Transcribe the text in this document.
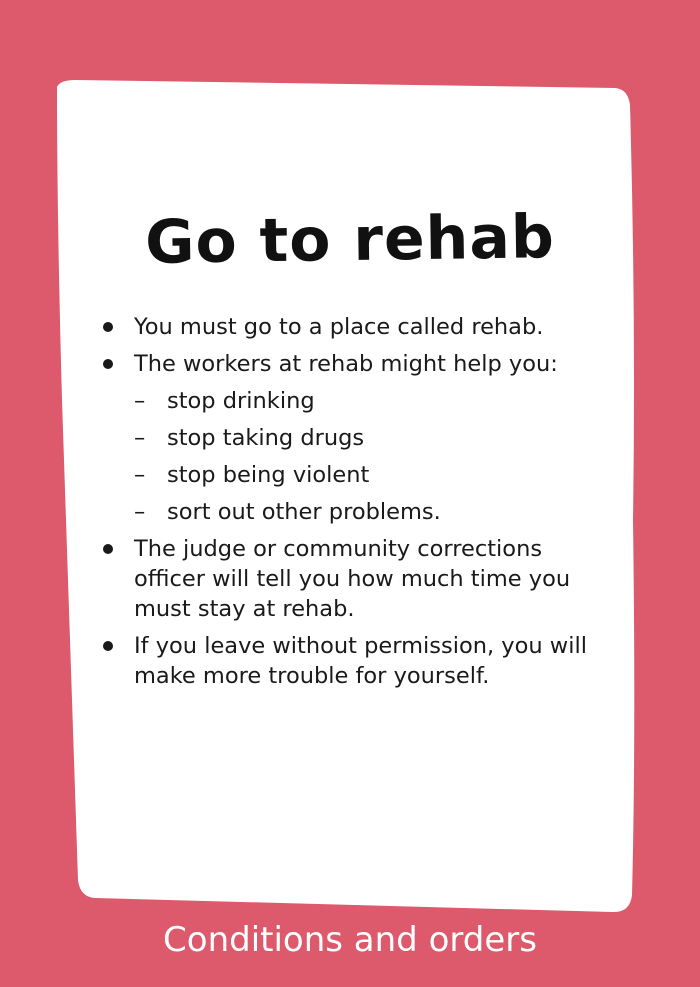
Go to rehab
You must go to a place called rehab.
The workers at rehab might help you:
– stop drinking
– stop taking drugs
– stop being violent
– sort out other problems.
The judge or community corrections officer will tell you how much time you must stay at rehab.
If you leave without permission, you will make more trouble for yourself.
Conditions and orders
